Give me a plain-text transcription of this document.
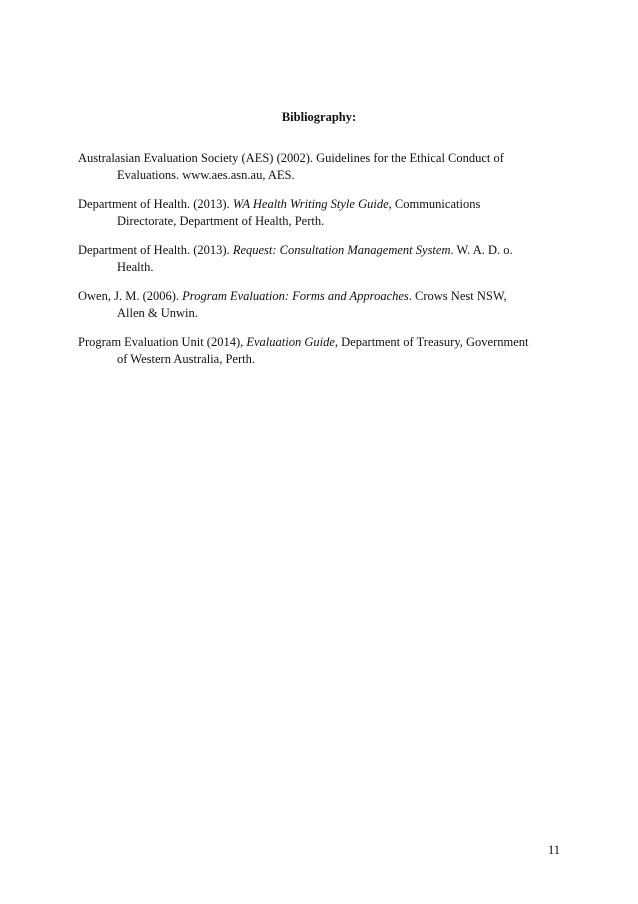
Bibliography:
Australasian Evaluation Society (AES) (2002). Guidelines for the Ethical Conduct of
Evaluations. www.aes.asn.au, AES.
Department of Health. (2013). WA Health Writing Style Guide, Communications
Directorate, Department of Health, Perth.
Department of Health. (2013). Request: Consultation Management System. W. A. D. o.
Health.
Owen, J. M. (2006). Program Evaluation: Forms and Approaches. Crows Nest NSW,
Allen & Unwin.
Program Evaluation Unit (2014), Evaluation Guide, Department of Treasury, Government
of Western Australia, Perth.
11
